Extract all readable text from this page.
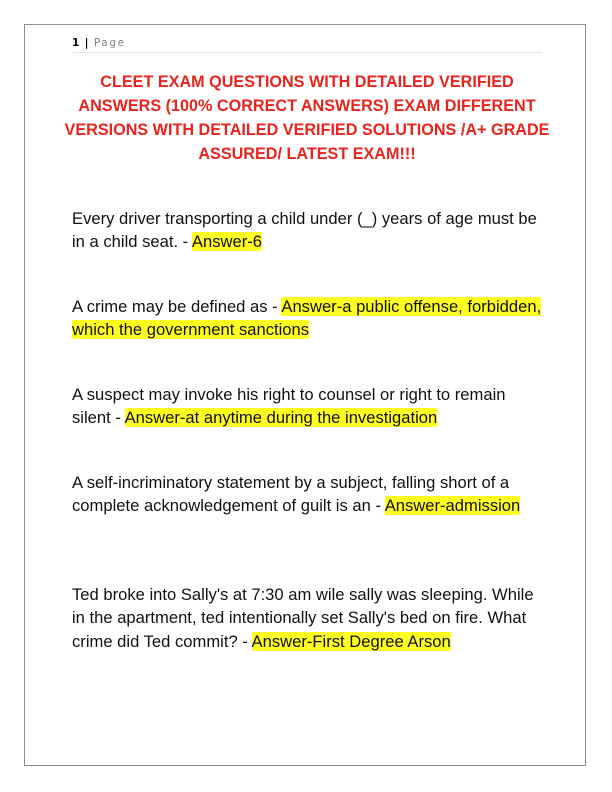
1 | Page
CLEET EXAM QUESTIONS WITH DETAILED VERIFIED ANSWERS (100% CORRECT ANSWERS) EXAM DIFFERENT VERSIONS WITH DETAILED VERIFIED SOLUTIONS /A+ GRADE ASSURED/ LATEST EXAM!!!
Every driver transporting a child under (_) years of age must be in a child seat. - Answer-6
A crime may be defined as - Answer-a public offense, forbidden, which the government sanctions
A suspect may invoke his right to counsel or right to remain silent - Answer-at anytime during the investigation
A self-incriminatory statement by a subject, falling short of a complete acknowledgement of guilt is an - Answer-admission
Ted broke into Sally's at 7:30 am wile sally was sleeping. While in the apartment, ted intentionally set Sally's bed on fire. What crime did Ted commit? - Answer-First Degree Arson
